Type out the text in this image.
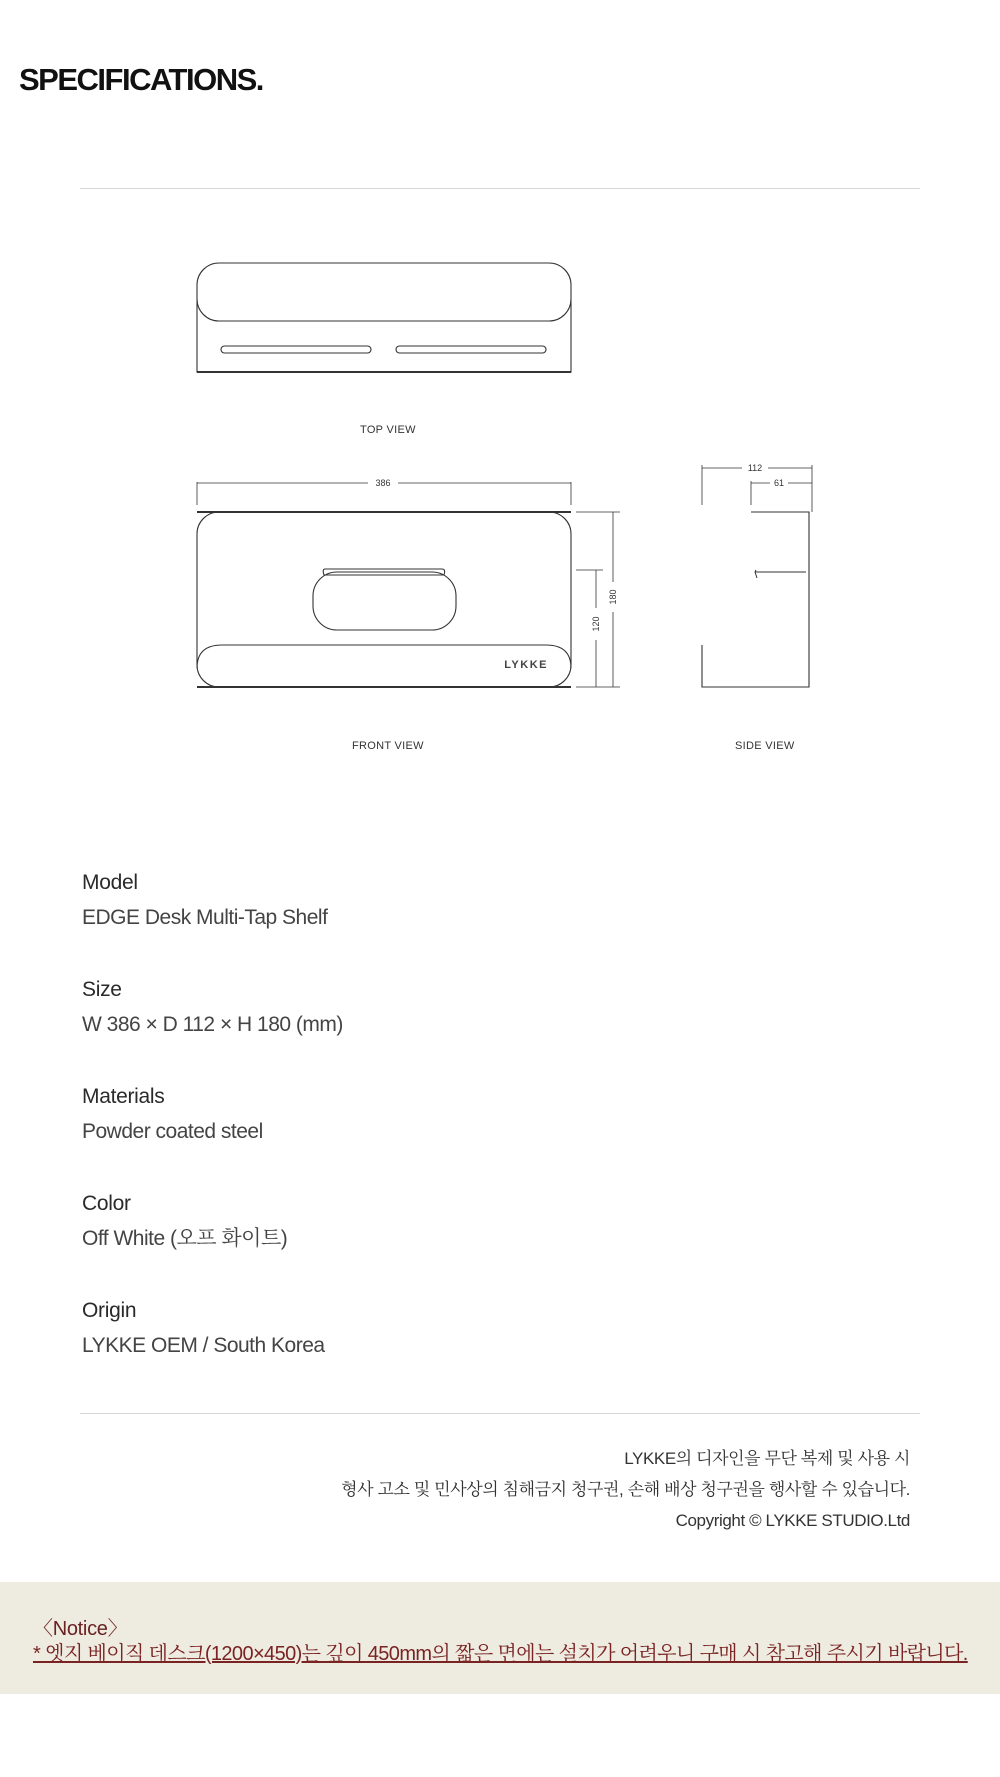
SPECIFICATIONS.
386
112
61
180
120
LYKKE
TOP VIEW
FRONT VIEW	SIDE VIEW
Model
EDGE Desk Multi-Tap Shelf
Size
W 386 × D 112 × H 180 (mm)
Materials
Powder coated steel
Color
Off White (오프 화이트)
Origin
LYKKE OEM / South Korea
LYKKE의 디자인을 무단 복제 및 사용 시
형사 고소 및 민사상의 침해금지 청구권, 손해 배상 청구권을 행사할 수 있습니다.
Copyright © LYKKE STUDIO.Ltd
〈Notice〉
* 엣지 베이직 데스크(1200×450)는 깊이 450mm의 짧은 면에는 설치가 어려우니 구매 시 참고해 주시기 바랍니다.
